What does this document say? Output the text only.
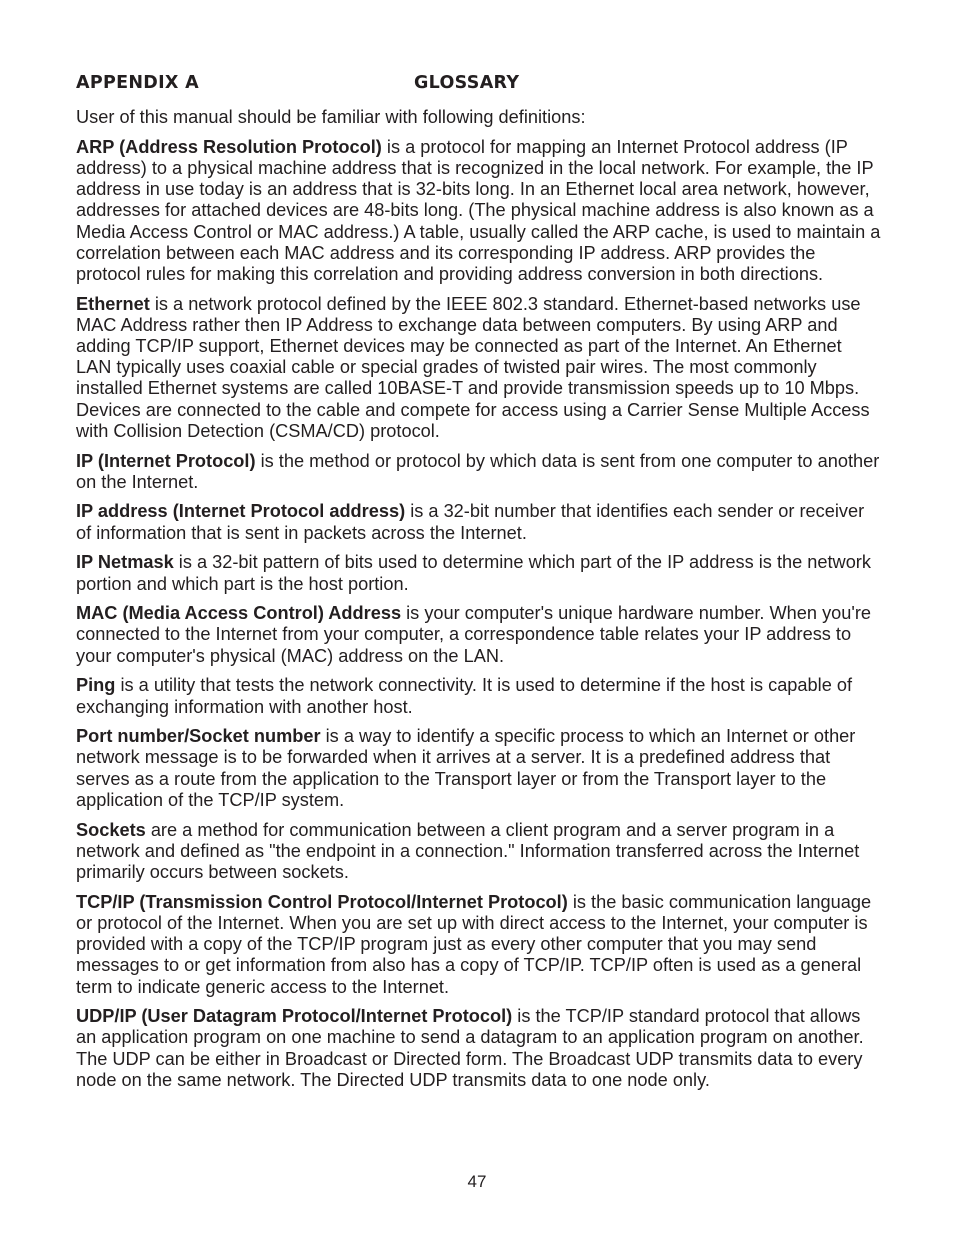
APPENDIX A	GLOSSARY

User of this manual should be familiar with following definitions:

ARP (Address Resolution Protocol) is a protocol for mapping an Internet Protocol address (IP address) to a physical machine address that is recognized in the local network. For example, the IP address in use today is an address that is 32-bits long. In an Ethernet local area network, however, addresses for attached devices are 48-bits long. (The physical machine address is also known as a Media Access Control or MAC address.) A table, usually called the ARP cache, is used to maintain a correlation between each MAC address and its corresponding IP address. ARP provides the protocol rules for making this correlation and providing address conversion in both directions.

Ethernet is a network protocol defined by the IEEE 802.3 standard. Ethernet-based networks use MAC Address rather then IP Address to exchange data between computers. By using ARP and adding TCP/IP support, Ethernet devices may be connected as part of the Internet. An Ethernet LAN typically uses coaxial cable or special grades of twisted pair wires. The most commonly installed Ethernet systems are called 10BASE-T and provide transmission speeds up to 10 Mbps. Devices are connected to the cable and compete for access using a Carrier Sense Multiple Access with Collision Detection (CSMA/CD) protocol.

IP (Internet Protocol) is the method or protocol by which data is sent from one computer to another on the Internet.

IP address (Internet Protocol address) is a 32-bit number that identifies each sender or receiver of information that is sent in packets across the Internet.

IP Netmask is a 32-bit pattern of bits used to determine which part of the IP address is the network portion and which part is the host portion.

MAC (Media Access Control) Address is your computer's unique hardware number. When you're connected to the Internet from your computer, a correspondence table relates your IP address to your computer's physical (MAC) address on the LAN.

Ping is a utility that tests the network connectivity. It is used to determine if the host is capable of exchanging information with another host.

Port number/Socket number is a way to identify a specific process to which an Internet or other network message is to be forwarded when it arrives at a server. It is a predefined address that serves as a route from the application to the Transport layer or from the Transport layer to the application of the TCP/IP system.

Sockets are a method for communication between a client program and a server program in a network and defined as "the endpoint in a connection." Information transferred across the Internet primarily occurs between sockets.

TCP/IP (Transmission Control Protocol/Internet Protocol) is the basic communication language or protocol of the Internet. When you are set up with direct access to the Internet, your computer is provided with a copy of the TCP/IP program just as every other computer that you may send messages to or get information from also has a copy of TCP/IP. TCP/IP often is used as a general term to indicate generic access to the Internet.

UDP/IP (User Datagram Protocol/Internet Protocol) is the TCP/IP standard protocol that allows an application program on one machine to send a datagram to an application program on another. The UDP can be either in Broadcast or Directed form. The Broadcast UDP transmits data to every node on the same network. The Directed UDP transmits data to one node only.

47
